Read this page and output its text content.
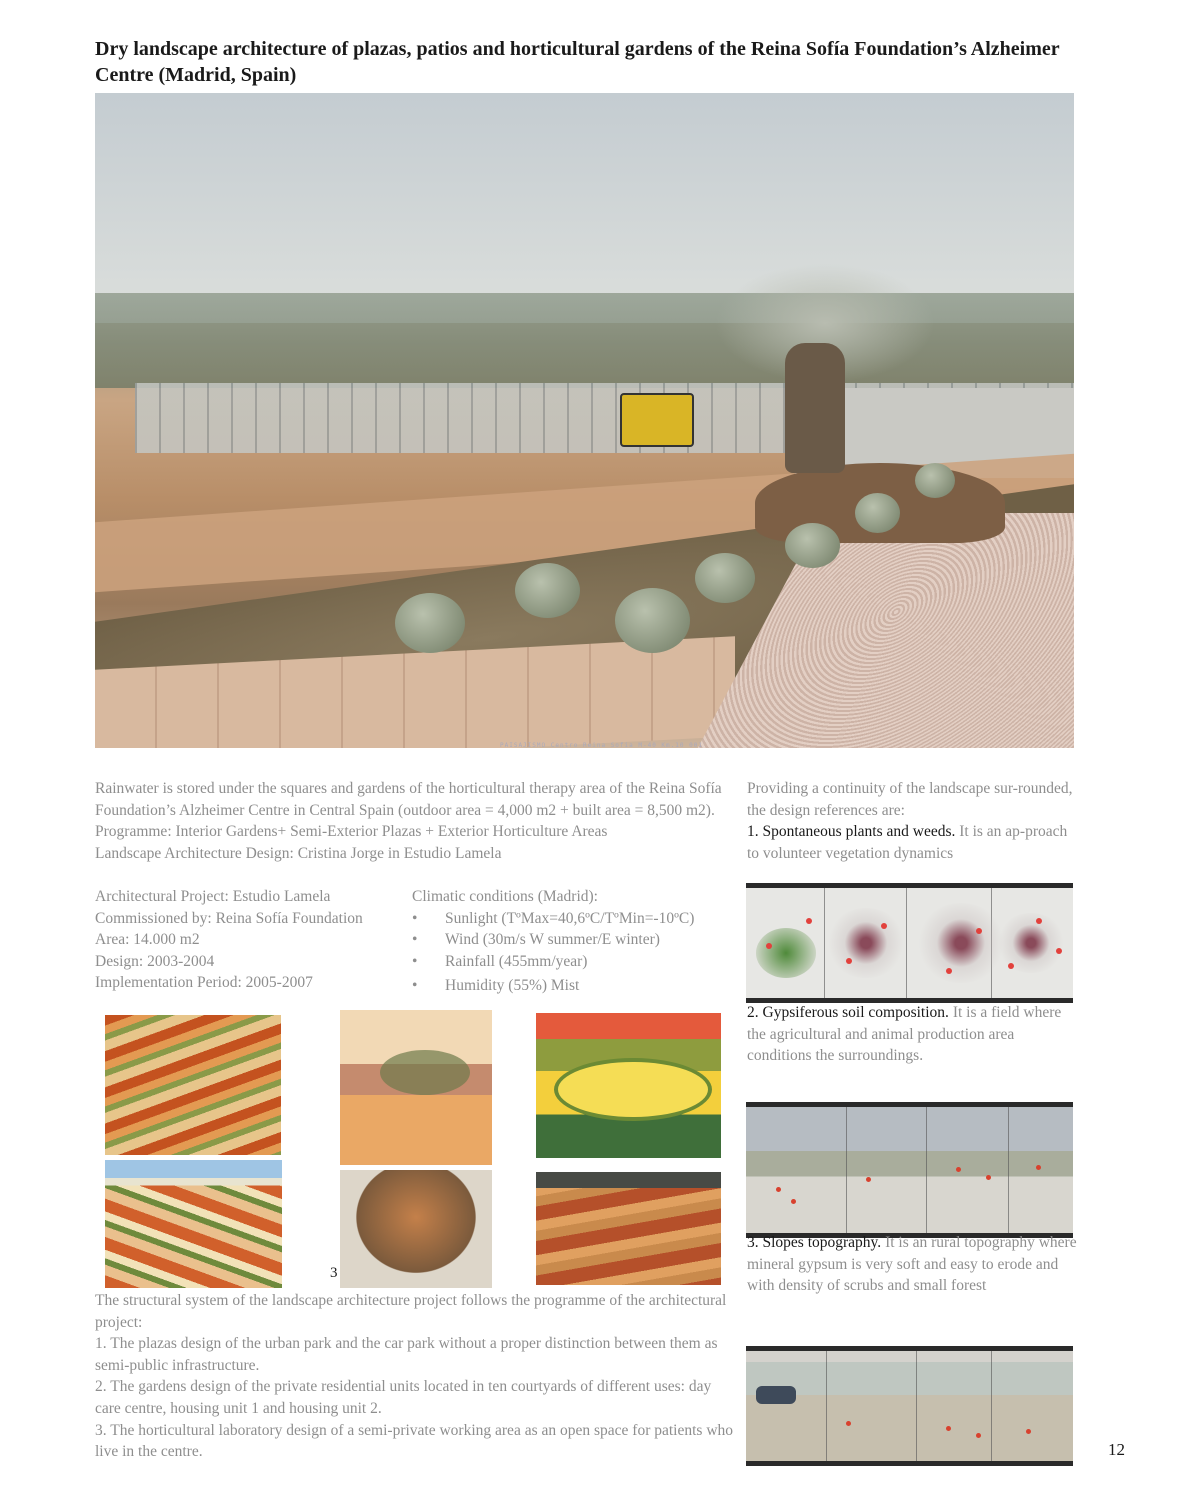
Dry landscape architecture of plazas, patios and horticultural gardens of the Reina Sofía Foundation’s Alzheimer Centre (Madrid, Spain)
PAISAJISMO Centro Reina Sofia M-40 Km.10 001
Rainwater is stored under the squares and gardens of the horticultural therapy area of the Reina Sofía Foundation’s Alzheimer Centre in Central Spain (outdoor area = 4,000 m2 + built area = 8,500 m2).
Programme: Interior Gardens+ Semi-Exterior Plazas + Exterior Horticulture Areas
Landscape Architecture Design: Cristina Jorge in Estudio Lamela
Architectural Project: Estudio Lamela
Commissioned by: Reina Sofía Foundation
Area: 14.000 m2
Design: 2003-2004
Implementation Period: 2005-2007
Climatic conditions (Madrid):
• Sunlight (TºMax=40,6ºC/TºMin=-10ºC)
• Wind (30m/s W summer/E winter)
• Rainfall (455mm/year)
• Humidity (55%) Mist
3
The structural system of the landscape architecture project follows the programme of the architectural project:
1. The plazas design of the urban park and the car park without a proper distinction between them as semi-public infrastructure.
2. The gardens design of the private residential units located in ten courtyards of different uses: day care centre, housing unit 1 and housing unit 2.
3. The horticultural laboratory design of a semi-private working area as an open space for patients who live in the centre.
Providing a continuity of the landscape sur-rounded, the design references are:
1. Spontaneous plants and weeds. It is an ap-proach to volunteer vegetation dynamics
2. Gypsiferous soil composition. It is a field where the agricultural and animal production area conditions the surroundings.
3. Slopes topography. It is an rural topography where mineral gypsum is very soft and easy to erode and with density of scrubs and small forest
12
